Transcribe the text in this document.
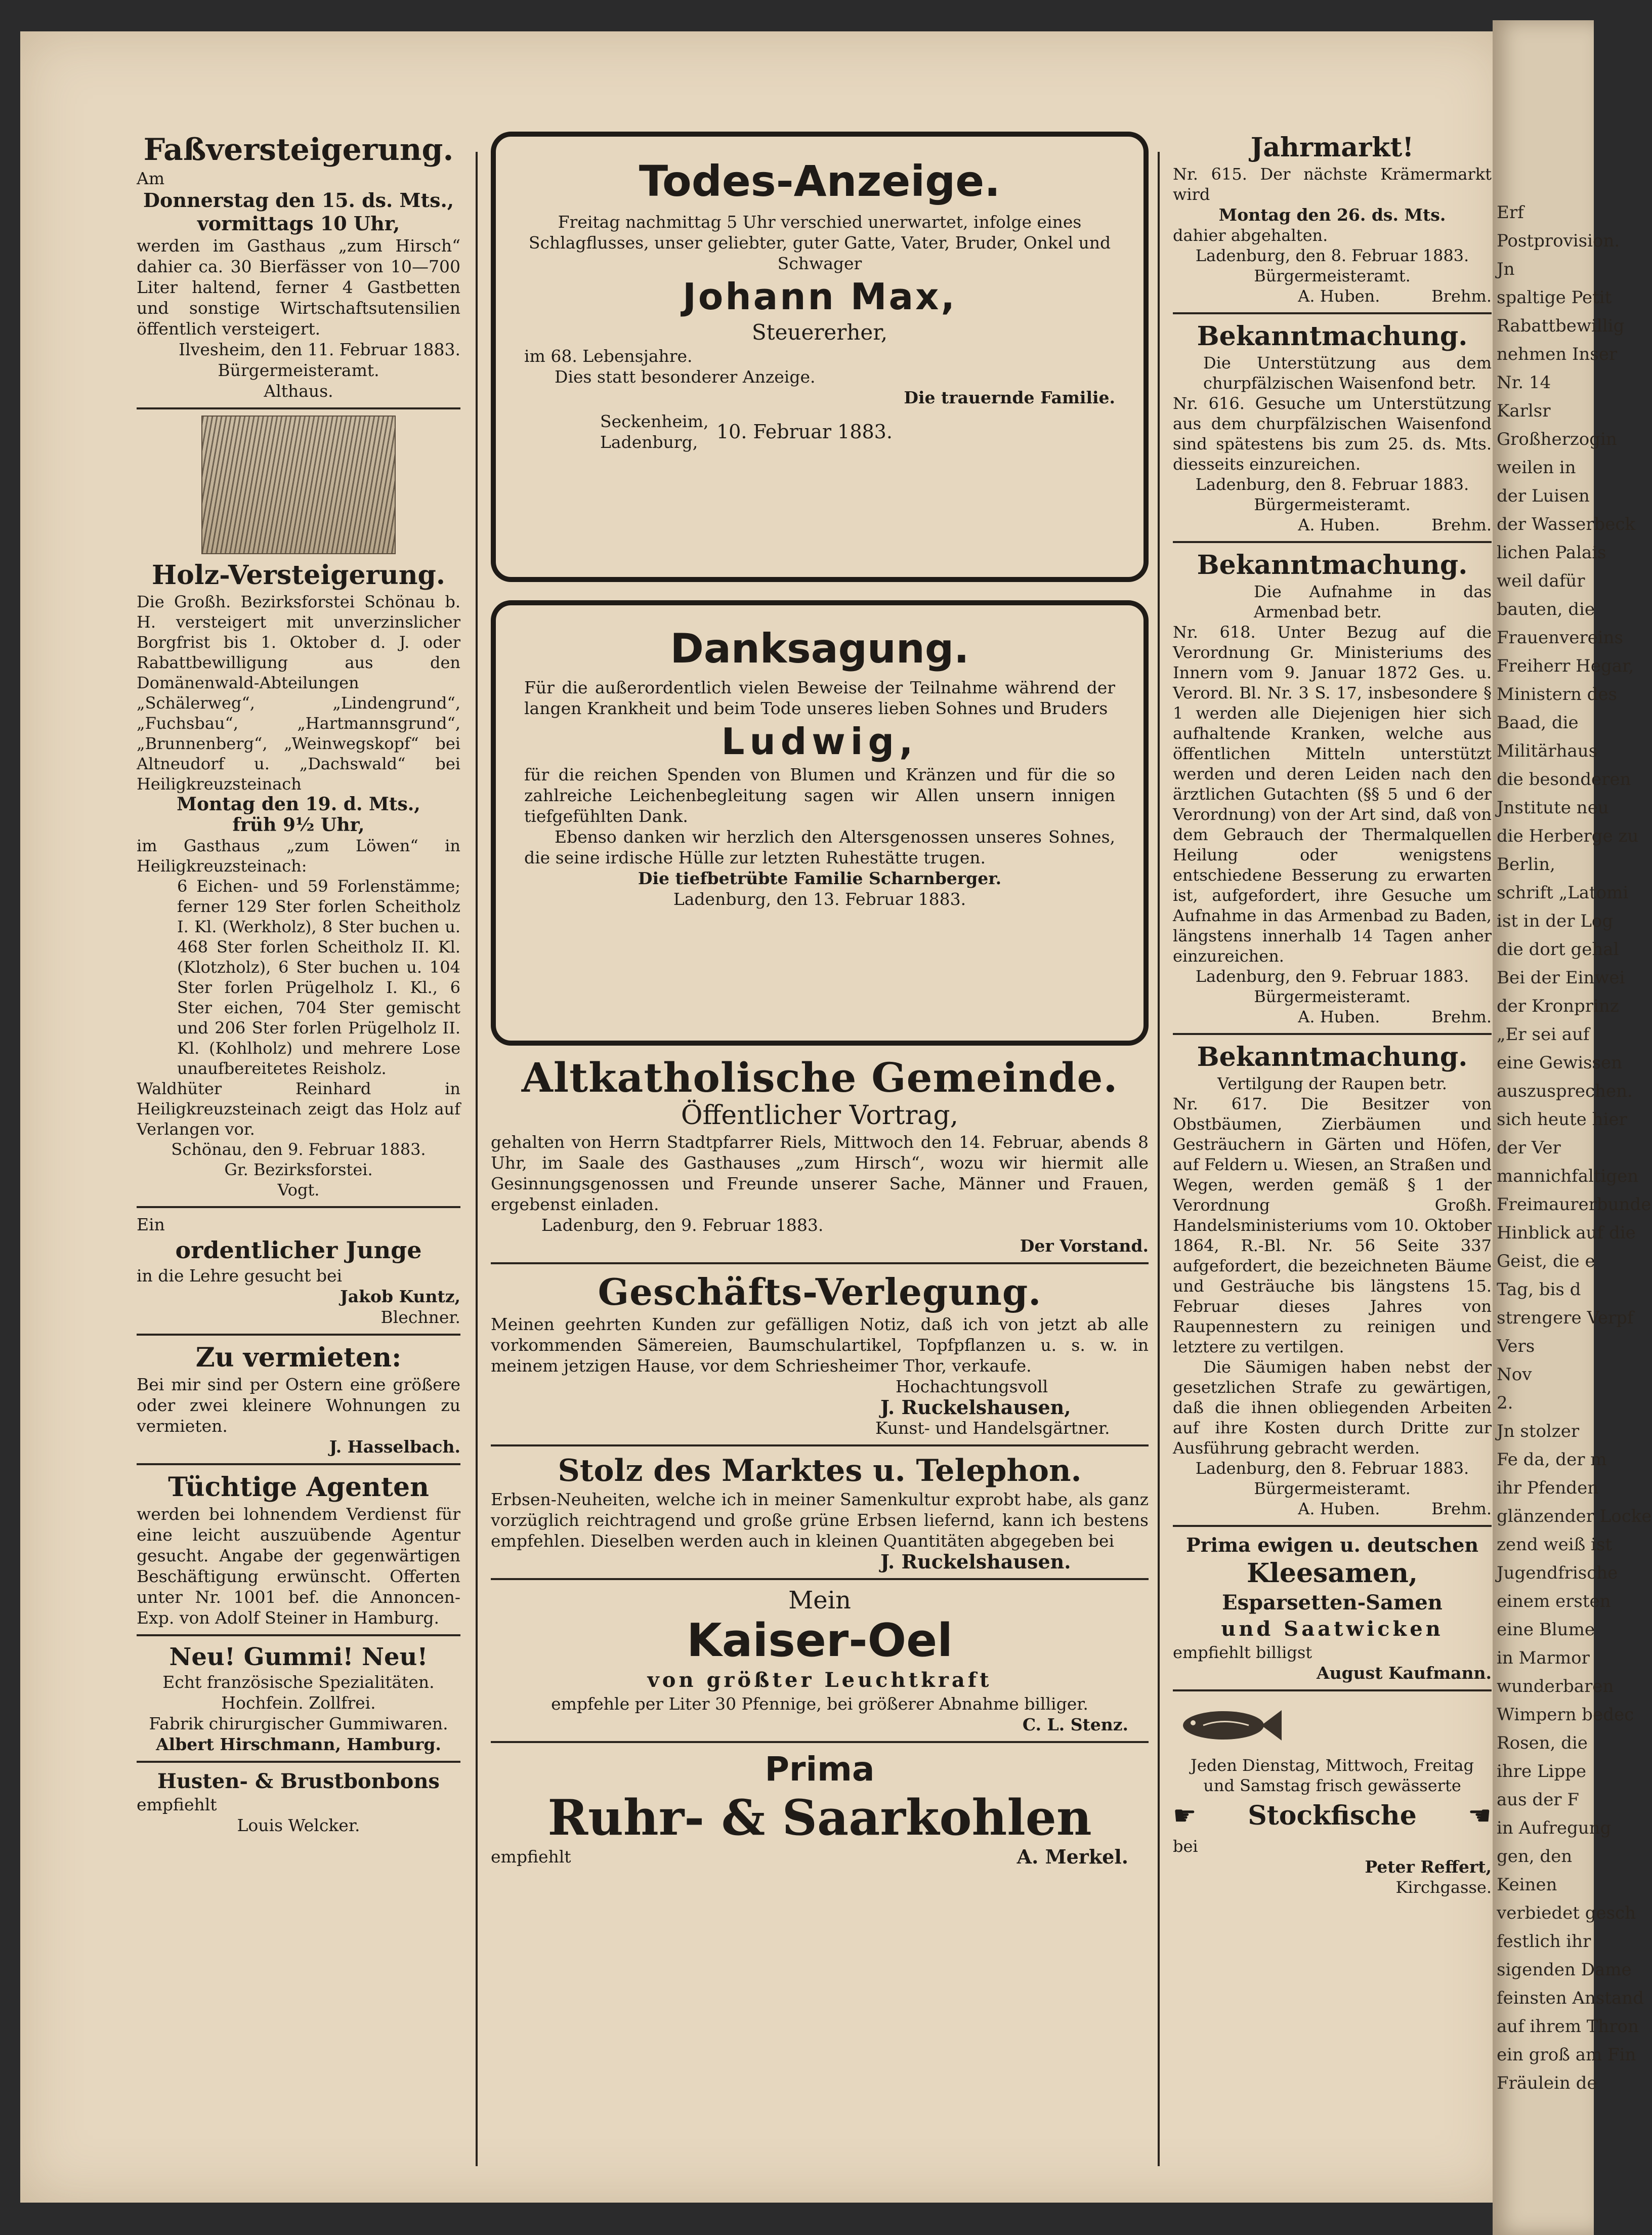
Erf
Postprovision.
Jn
spaltige Petit
Rabattbewillig
nehmen Inser
Nr. 14
Karlsr
Großherzogin
weilen in
der Luisen
der Wasserbeck
lichen Palais
weil dafür
bauten, die
Frauenvereins
Freiherr Hegar,
Ministern des
Baad, die
Militärhaus
die besonderen
Jnstitute neu
die Herberge zu
Berlin,
schrift „Latomi
ist in der Log
die dort gehal
Bei der Einwei
der Kronprinz
„Er sei auf
eine Gewissen
auszusprechen.
sich heute hier
der Ver
mannichfaltigen
Freimaurerbunde
Hinblick auf die
Geist, die e
Tag, bis d
strengere Verpf
Vers
Nov
2.
Jn stolzer
Fe da, der m
ihr Pfenden
glänzender Locke
zend weiß ist
Jugendfrische
einem ersten
eine Blume
in Marmor
wunderbaren
Wimpern bedec
Rosen, die
ihre Lippe
aus der F
in Aufregung
gen, den
Keinen
verbiedet gesch
festlich ihr
sigenden Dame
feinsten Anstand
auf ihrem Thron
ein groß am Fin
Fräulein de
Faßversteigerung.

Am

Donnerstag den 15. ds. Mts.,

vormittags 10 Uhr,

werden im Gasthaus „zum Hirsch“ dahier ca. 30 Bierfässer von 10—700 Liter haltend, ferner 4 Gastbetten und sonstige Wirtschaftsutensilien öffentlich versteigert.

Ilvesheim, den 11. Februar 1883.

Bürgermeisteramt.

Althaus.

Holz-Versteigerung.

Die Großh. Bezirksforstei Schönau b. H. versteigert mit unverzinslicher Borgfrist bis 1. Oktober d. J. oder Rabattbewilligung aus den Domänenwald-Abteilungen „Schälerweg“, „Lindengrund“, „Fuchsbau“, „Hartmannsgrund“, „Brunnenberg“, „Weinwegskopf“ bei Altneudorf u. „Dachswald“ bei Heiligkreuzsteinach

Montag den 19. d. Mts.,

früh 9½ Uhr,

im Gasthaus „zum Löwen“ in Heiligkreuzsteinach:

6 Eichen- und 59 Forlenstämme; ferner 129 Ster forlen Scheitholz I. Kl. (Werkholz), 8 Ster buchen u. 468 Ster forlen Scheitholz II. Kl. (Klotzholz), 6 Ster buchen u. 104 Ster forlen Prügelholz I. Kl., 6 Ster eichen, 704 Ster gemischt und 206 Ster forlen Prügelholz II. Kl. (Kohlholz) und mehrere Lose unaufbereitetes Reisholz.

Waldhüter Reinhard in Heiligkreuzsteinach zeigt das Holz auf Verlangen vor.

Schönau, den 9. Februar 1883.

Gr. Bezirksforstei.

Vogt.

Ein

ordentlicher Junge

in die Lehre gesucht bei

Jakob Kuntz,

Blechner.

Zu vermieten:

Bei mir sind per Ostern eine größere oder zwei kleinere Wohnungen zu vermieten.

J. Hasselbach.

Tüchtige Agenten

werden bei lohnendem Verdienst für eine leicht auszuübende Agentur gesucht. Angabe der gegenwärtigen Beschäftigung erwünscht. Offerten unter Nr. 1001 bef. die Annoncen-Exp. von Adolf Steiner in Hamburg.

Neu! Gummi! Neu!

Echt französische Spezialitäten.

Hochfein. Zollfrei.

Fabrik chirurgischer Gummiwaren.

Albert Hirschmann, Hamburg.

Husten- & Brustbonbons

empfiehlt

Louis Welcker.

Todes-Anzeige.

Freitag nachmittag 5 Uhr verschied unerwartet, infolge eines Schlagflusses, unser geliebter, guter Gatte, Vater, Bruder, Onkel und Schwager

Johann Max,

Steuererher,

im 68. Lebensjahre.

Dies statt besonderer Anzeige.

Die trauernde Familie.

Seckenheim, Ladenburg, 10. Februar 1883.

Danksagung.

Für die außerordentlich vielen Beweise der Teilnahme während der langen Krankheit und beim Tode unseres lieben Sohnes und Bruders

Ludwig,

für die reichen Spenden von Blumen und Kränzen und für die so zahlreiche Leichenbegleitung sagen wir Allen unsern innigen tiefgefühlten Dank.

Ebenso danken wir herzlich den Altersgenossen unseres Sohnes, die seine irdische Hülle zur letzten Ruhestätte trugen.

Die tiefbetrübte Familie Scharnberger.

Ladenburg, den 13. Februar 1883.

Altkatholische Gemeinde.
Öffentlicher Vortrag,

gehalten von Herrn Stadtpfarrer Riels, Mittwoch den 14. Februar, abends 8 Uhr, im Saale des Gasthauses „zum Hirsch“, wozu wir hiermit alle Gesinnungsgenossen und Freunde unserer Sache, Männer und Frauen, ergebenst einladen.

Ladenburg, den 9. Februar 1883.

Der Vorstand.

Geschäfts-Verlegung.

Meinen geehrten Kunden zur gefälligen Notiz, daß ich von jetzt ab alle vorkommenden Sämereien, Baumschulartikel, Topfpflanzen u. s. w. in meinem jetzigen Hause, vor dem Schriesheimer Thor, verkaufe.

Hochachtungsvoll

J. Ruckelshausen,

Kunst- und Handelsgärtner.

Stolz des Marktes u. Telephon.

Erbsen-Neuheiten, welche ich in meiner Samenkultur exprobt habe, als ganz vorzüglich reichtragend und große grüne Erbsen liefernd, kann ich bestens empfehlen. Dieselben werden auch in kleinen Quantitäten abgegeben bei

J. Ruckelshausen.

Mein
Kaiser-Oel
von größter Leuchtkraft

empfehle per Liter 30 Pfennige, bei größerer Abnahme billiger.

C. L. Stenz.

Prima
Ruhr- & Saarkohlen

empfiehlt	A. Merkel.

Jahrmarkt!

Nr. 615. Der nächste Krämermarkt wird

Montag den 26. ds. Mts.

dahier abgehalten.

Ladenburg, den 8. Februar 1883.

Bürgermeisteramt.

A. Huben.          Brehm.

Bekanntmachung.

Die Unterstützung aus dem churpfälzischen Waisenfond betr.

Nr. 616. Gesuche um Unterstützung aus dem churpfälzischen Waisenfond sind spätestens bis zum 25. ds. Mts. diesseits einzureichen.

Ladenburg, den 8. Februar 1883.

Bürgermeisteramt.

A. Huben.          Brehm.

Bekanntmachung.

Die Aufnahme in das Armenbad betr.

Nr. 618. Unter Bezug auf die Verordnung Gr. Ministeriums des Innern vom 9. Januar 1872 Ges. u. Verord. Bl. Nr. 3 S. 17, insbesondere § 1 werden alle Diejenigen hier sich aufhaltende Kranken, welche aus öffentlichen Mitteln unterstützt werden und deren Leiden nach den ärztlichen Gutachten (§§ 5 und 6 der Verordnung) von der Art sind, daß von dem Gebrauch der Thermalquellen Heilung oder wenigstens entschiedene Besserung zu erwarten ist, aufgefordert, ihre Gesuche um Aufnahme in das Armenbad zu Baden, längstens innerhalb 14 Tagen anher einzureichen.

Ladenburg, den 9. Februar 1883.

Bürgermeisteramt.

A. Huben.          Brehm.

Bekanntmachung.

Vertilgung der Raupen betr.

Nr. 617. Die Besitzer von Obstbäumen, Zierbäumen und Gesträuchern in Gärten und Höfen, auf Feldern u. Wiesen, an Straßen und Wegen, werden gemäß § 1 der Verordnung Großh. Handelsministeriums vom 10. Oktober 1864, R.-Bl. Nr. 56 Seite 337 aufgefordert, die bezeichneten Bäume und Gesträuche bis längstens 15. Februar dieses Jahres von Raupennestern zu reinigen und letztere zu vertilgen.

Die Säumigen haben nebst der gesetzlichen Strafe zu gewärtigen, daß die ihnen obliegenden Arbeiten auf ihre Kosten durch Dritte zur Ausführung gebracht werden.

Ladenburg, den 8. Februar 1883.

Bürgermeisteramt.

A. Huben.          Brehm.

Prima ewigen u. deutschen
Kleesamen,
Esparsetten-Samen
und Saatwicken

empfiehlt billigst

August Kaufmann.

Jeden Dienstag, Mittwoch, Freitag und Samstag frisch gewässerte

☛ Stockfische ☛

bei

Peter Reffert,

Kirchgasse.
